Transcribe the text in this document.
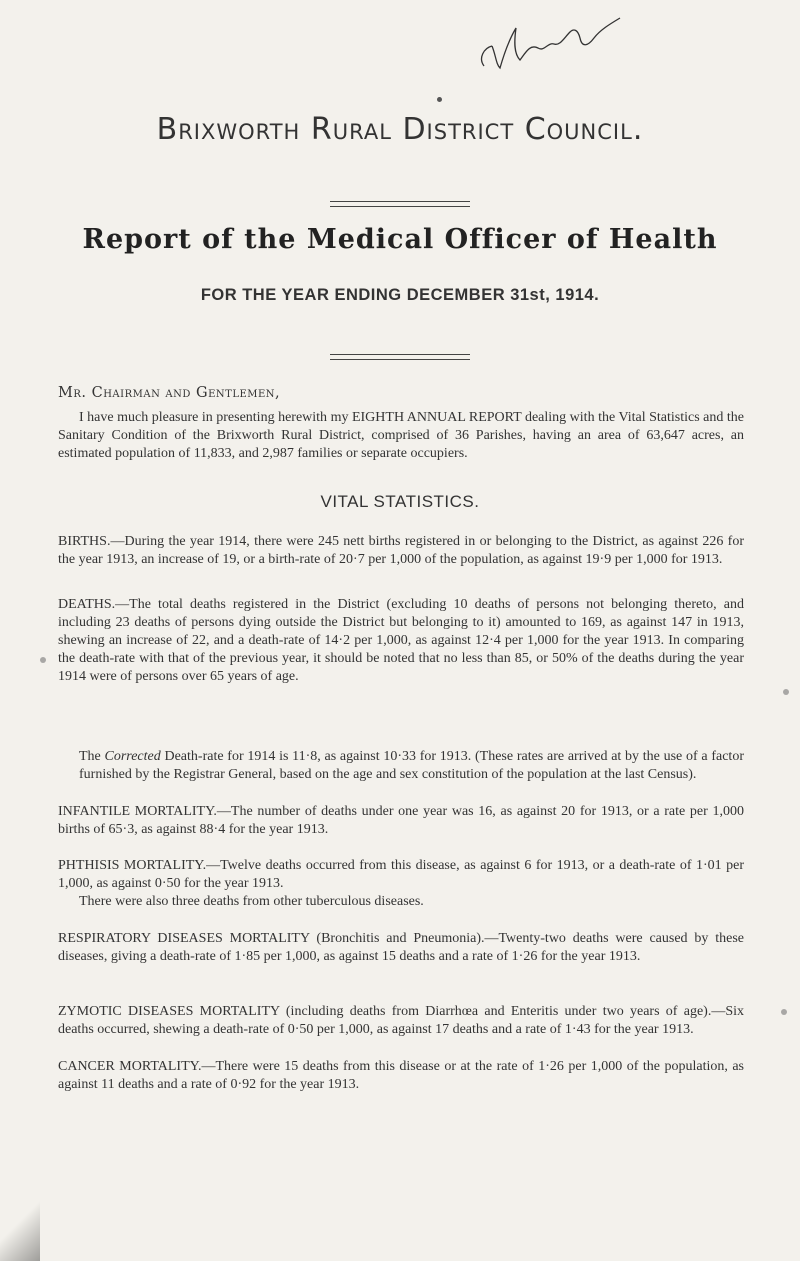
Brixworth Rural District Council.
Report of the Medical Officer of Health
FOR THE YEAR ENDING DECEMBER 31st, 1914.
Mr. Chairman and Gentlemen,
I have much pleasure in presenting herewith my EIGHTH ANNUAL REPORT dealing with the Vital Statistics and the Sanitary Condition of the Brixworth Rural District, comprised of 36 Parishes, having an area of 63,647 acres, an estimated population of 11,833, and 2,987 families or separate occupiers.
VITAL STATISTICS.
BIRTHS.—During the year 1914, there were 245 nett births registered in or belonging to the District, as against 226 for the year 1913, an increase of 19, or a birth-rate of 20·7 per 1,000 of the population, as against 19·9 per 1,000 for 1913.
DEATHS.—The total deaths registered in the District (excluding 10 deaths of persons not belonging thereto, and including 23 deaths of persons dying outside the District but belonging to it) amounted to 169, as against 147 in 1913, shewing an increase of 22, and a death-rate of 14·2 per 1,000, as against 12·4 per 1,000 for the year 1913. In comparing the death-rate with that of the previous year, it should be noted that no less than 85, or 50% of the deaths during the year 1914 were of persons over 65 years of age.
The Corrected Death-rate for 1914 is 11·8, as against 10·33 for 1913. (These rates are arrived at by the use of a factor furnished by the Registrar General, based on the age and sex constitution of the population at the last Census).
INFANTILE MORTALITY.—The number of deaths under one year was 16, as against 20 for 1913, or a rate per 1,000 births of 65·3, as against 88·4 for the year 1913.
PHTHISIS MORTALITY.—Twelve deaths occurred from this disease, as against 6 for 1913, or a death-rate of 1·01 per 1,000, as against 0·50 for the year 1913.
There were also three deaths from other tuberculous diseases.
RESPIRATORY DISEASES MORTALITY (Bronchitis and Pneumonia).—Twenty-two deaths were caused by these diseases, giving a death-rate of 1·85 per 1,000, as against 15 deaths and a rate of 1·26 for the year 1913.
ZYMOTIC DISEASES MORTALITY (including deaths from Diarrhœa and Enteritis under two years of age).—Six deaths occurred, shewing a death-rate of 0·50 per 1,000, as against 17 deaths and a rate of 1·43 for the year 1913.
CANCER MORTALITY.—There were 15 deaths from this disease or at the rate of 1·26 per 1,000 of the population, as against 11 deaths and a rate of 0·92 for the year 1913.
